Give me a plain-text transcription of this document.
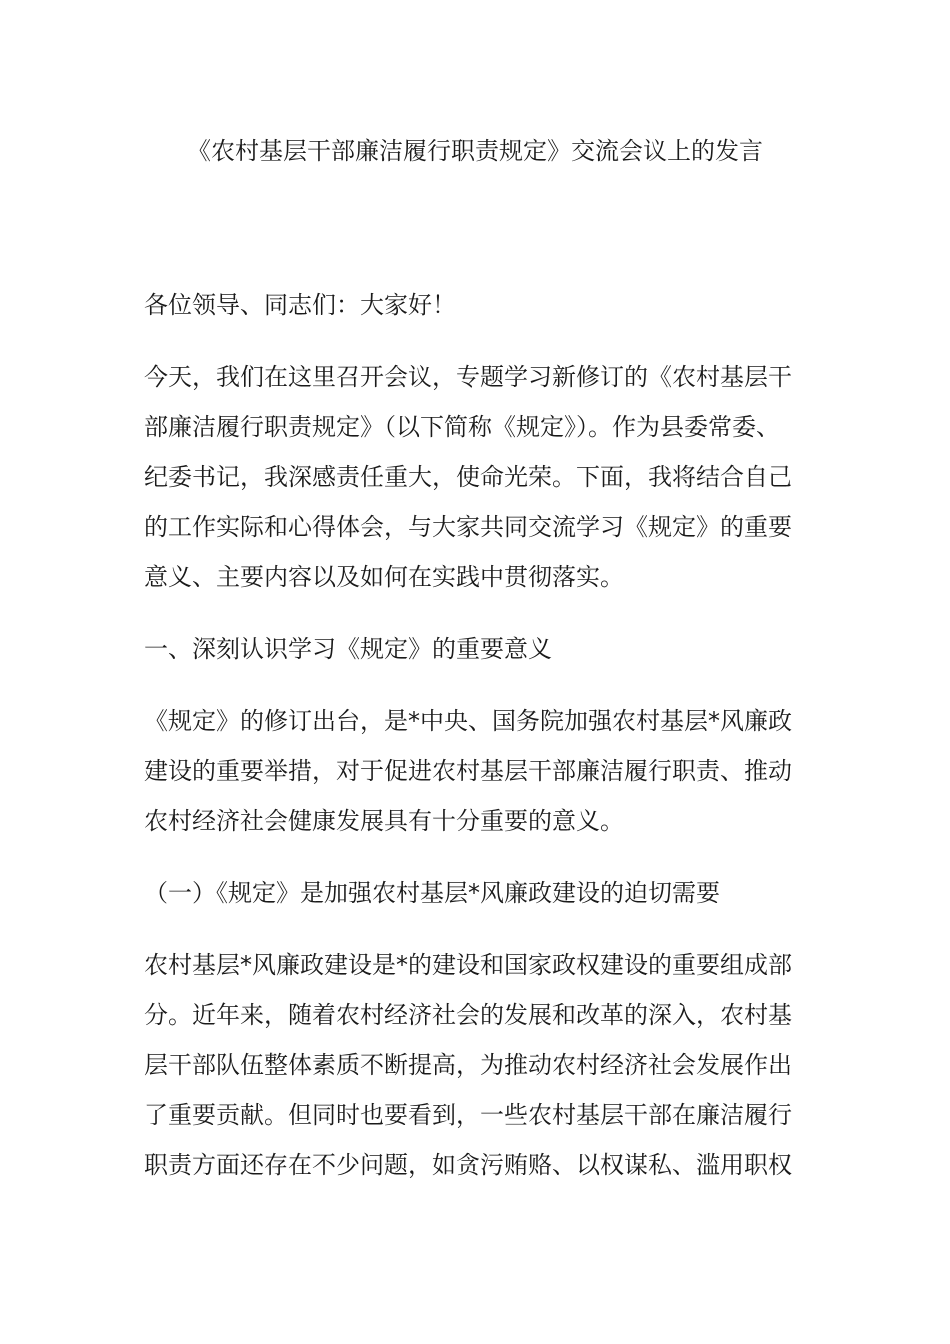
《农村基层干部廉洁履行职责规定》交流会议上的发言
各位领导、同志们：大家好！
今天，我们在这里召开会议，专题学习新修订的《农村基层干
部廉洁履行职责规定》（以下简称《规定》）。作为县委常委、
纪委书记，我深感责任重大，使命光荣。下面，我将结合自己
的工作实际和心得体会，与大家共同交流学习《规定》的重要
意义、主要内容以及如何在实践中贯彻落实。
一、深刻认识学习《规定》的重要意义
《规定》的修订出台，是*中央、国务院加强农村基层*风廉政
建设的重要举措，对于促进农村基层干部廉洁履行职责、推动
农村经济社会健康发展具有十分重要的意义。
（一）《规定》是加强农村基层*风廉政建设的迫切需要
农村基层*风廉政建设是*的建设和国家政权建设的重要组成部
分。近年来，随着农村经济社会的发展和改革的深入，农村基
层干部队伍整体素质不断提高，为推动农村经济社会发展作出
了重要贡献。但同时也要看到，一些农村基层干部在廉洁履行
职责方面还存在不少问题，如贪污贿赂、以权谋私、滥用职权
